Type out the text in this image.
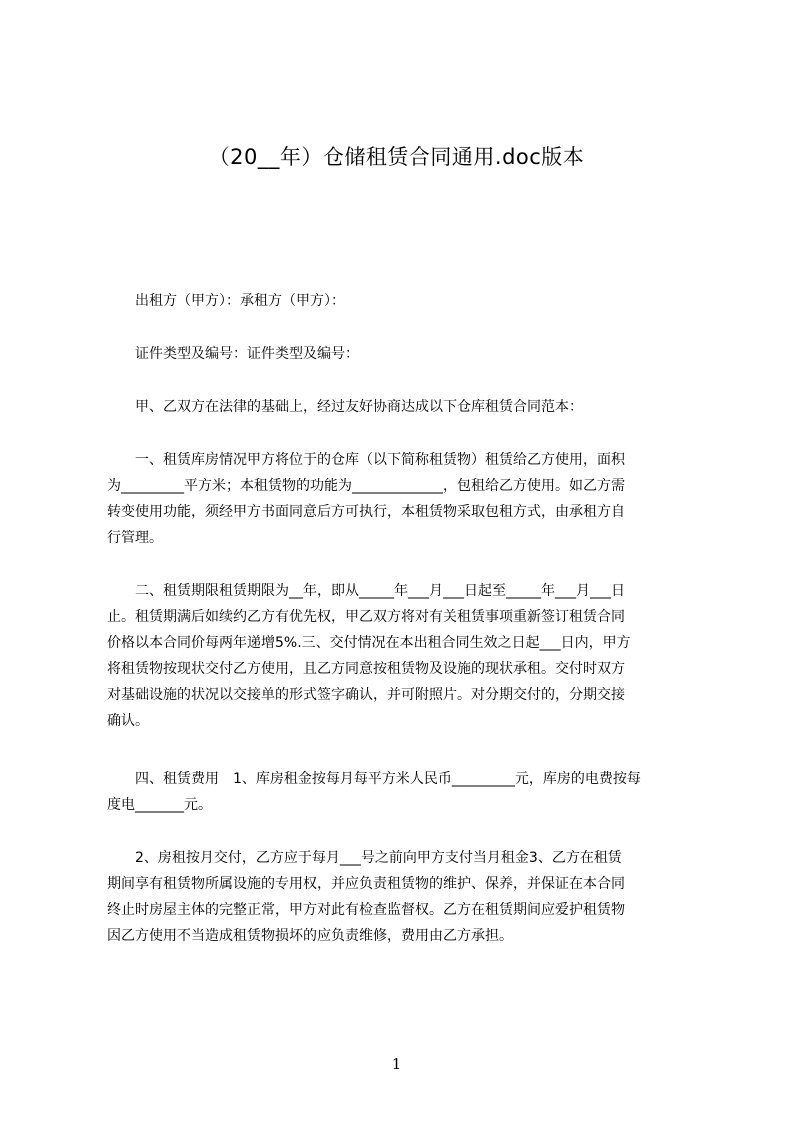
（20__年）仓储租赁合同通用.doc版本

　　出租方（甲方）：承租方（甲方）：

　　证件类型及编号：证件类型及编号：

　　甲、乙双方在法律的基础上，经过友好协商达成以下仓库租赁合同范本：

　　一、租赁库房情况甲方将位于的仓库（以下简称租赁物）租赁给乙方使用，面积
为_________平方米；本租赁物的功能为_____________，包租给乙方使用。如乙方需
转变使用功能，须经甲方书面同意后方可执行，本租赁物采取包租方式，由承租方自
行管理。

　　二、租赁期限租赁期限为__年，即从_____年___月___日起至_____年___月___日
止。租赁期满后如续约乙方有优先权，甲乙双方将对有关租赁事项重新签订租赁合同
价格以本合同价每两年递增5%.三、交付情况在本出租合同生效之日起___日内，甲方
将租赁物按现状交付乙方使用，且乙方同意按租赁物及设施的现状承租。交付时双方
对基础设施的状况以交接单的形式签字确认，并可附照片。对分期交付的，分期交接
确认。

　　四、租赁费用　1、库房租金按每月每平方米人民币_________元，库房的电费按每
度电_______元。

　　2、房租按月交付，乙方应于每月___号之前向甲方支付当月租金3、乙方在租赁
期间享有租赁物所属设施的专用权，并应负责租赁物的维护、保养，并保证在本合同
终止时房屋主体的完整正常，甲方对此有检查监督权。乙方在租赁期间应爱护租赁物
因乙方使用不当造成租赁物损坏的应负责维修，费用由乙方承担。

1
